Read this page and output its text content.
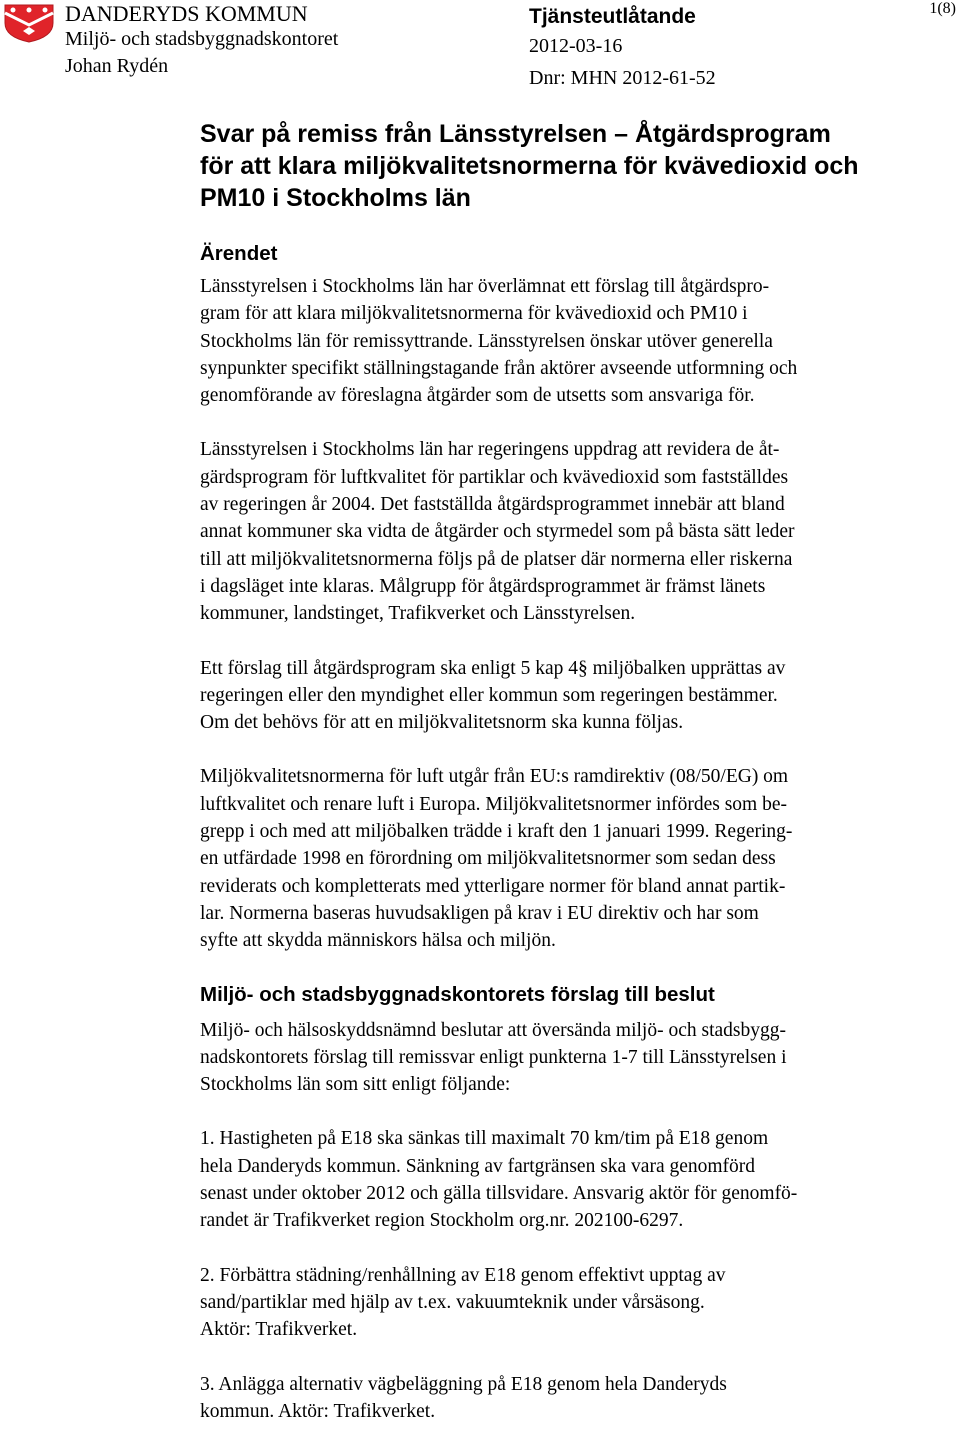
DANDERYDS KOMMUN
Miljö- och stadsbyggnadskontoret
Johan Rydén
Tjänsteutlåtande
2012-03-16
Dnr: MHN 2012-61-52
1(8)
Svar på remiss från Länsstyrelsen – Åtgärdsprogram
för att klara miljökvalitetsnormerna för kvävedioxid och
PM10 i Stockholms län
Ärendet
Länsstyrelsen i Stockholms län har överlämnat ett förslag till åtgärdspro-
gram för att klara miljökvalitetsnormerna för kvävedioxid och PM10 i
Stockholms län för remissyttrande. Länsstyrelsen önskar utöver generella
synpunkter specifikt ställningstagande från aktörer avseende utformning och
genomförande av föreslagna åtgärder som de utsetts som ansvariga för.
Länsstyrelsen i Stockholms län har regeringens uppdrag att revidera de åt-
gärdsprogram för luftkvalitet för partiklar och kvävedioxid som fastställdes
av regeringen år 2004. Det fastställda åtgärdsprogrammet innebär att bland
annat kommuner ska vidta de åtgärder och styrmedel som på bästa sätt leder
till att miljökvalitetsnormerna följs på de platser där normerna eller riskerna
i dagsläget inte klaras. Målgrupp för åtgärdsprogrammet är främst länets
kommuner, landstinget, Trafikverket och Länsstyrelsen.
Ett förslag till åtgärdsprogram ska enligt 5 kap 4§ miljöbalken upprättas av
regeringen eller den myndighet eller kommun som regeringen bestämmer.
Om det behövs för att en miljökvalitetsnorm ska kunna följas.
Miljökvalitetsnormerna för luft utgår från EU:s ramdirektiv (08/50/EG) om
luftkvalitet och renare luft i Europa. Miljökvalitetsnormer infördes som be-
grepp i och med att miljöbalken trädde i kraft den 1 januari 1999. Regering-
en utfärdade 1998 en förordning om miljökvalitetsnormer som sedan dess
reviderats och kompletterats med ytterligare normer för bland annat partik-
lar. Normerna baseras huvudsakligen på krav i EU direktiv och har som
syfte att skydda människors hälsa och miljön.
Miljö- och stadsbyggnadskontorets förslag till beslut
Miljö- och hälsoskyddsnämnd beslutar att översända miljö- och stadsbygg-
nadskontorets förslag till remissvar enligt punkterna 1-7 till Länsstyrelsen i
Stockholms län som sitt enligt följande:
1. Hastigheten på E18 ska sänkas till maximalt 70 km/tim på E18 genom
hela Danderyds kommun. Sänkning av fartgränsen ska vara genomförd
senast under oktober 2012 och gälla tillsvidare. Ansvarig aktör för genomfö-
randet är Trafikverket region Stockholm org.nr. 202100-6297.
2. Förbättra städning/renhållning av E18 genom effektivt upptag av
sand/partiklar med hjälp av t.ex. vakuumteknik under vårsäsong.
Aktör: Trafikverket.
3. Anlägga alternativ vägbeläggning på E18 genom hela Danderyds
kommun. Aktör: Trafikverket.
